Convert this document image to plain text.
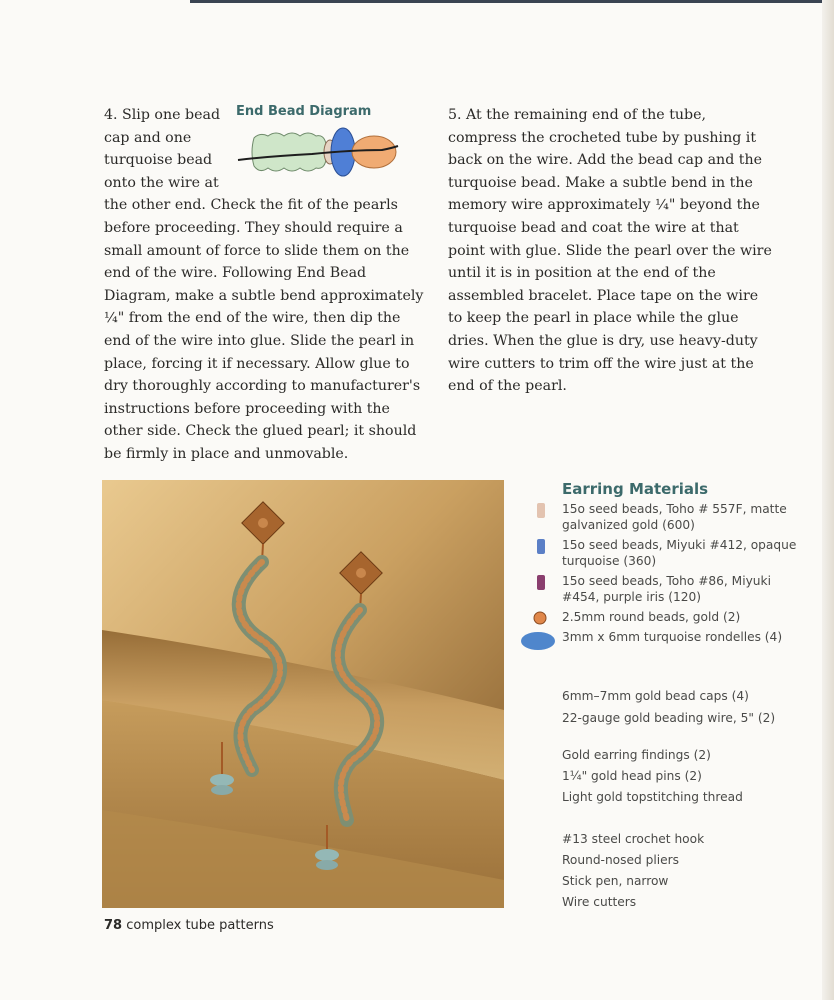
4. Slip one bead
cap and one
turquoise bead
onto the wire at

the other end. Check the fit of the pearls before proceeding. They should require a small amount of force to slide them on the end of the wire. Following End Bead Diagram, make a subtle bend approximately ¼" from the end of the wire, then dip the end of the wire into glue. Slide the pearl in place, forcing it if necessary. Allow glue to dry thoroughly according to manufacturer's instructions before proceeding with the other side. Check the glued pearl; it should be firmly in place and unmovable.

End Bead Diagram	5. At the remaining end of the tube, compress the crocheted tube by pushing it back on the wire. Add the bead cap and the turquoise bead. Make a subtle bend in the memory wire approximately ¼" beyond the turquoise bead and coat the wire at that point with glue. Slide the pearl over the wire until it is in position at the end of the assembled bracelet. Place tape on the wire to keep the pearl in place while the glue dries. When the glue is dry, use heavy-duty wire cutters to trim off the wire just at the end of the pearl.

Earring Materials
15o seed beads, Toho # 557F, matte galvanized gold (600)
15o seed beads, Miyuki #412, opaque turquoise (360)
15o seed beads, Toho #86, Miyuki #454, purple iris (120)
2.5mm round beads, gold (2)
3mm x 6mm turquoise rondelles (4)
6mm–7mm gold bead caps (4)
22-gauge gold beading wire, 5" (2)
Gold earring findings (2)
1¼" gold head pins (2)
Light gold topstitching thread
#13 steel crochet hook
Round-nosed pliers
Stick pen, narrow
Wire cutters
78 complex tube patterns
